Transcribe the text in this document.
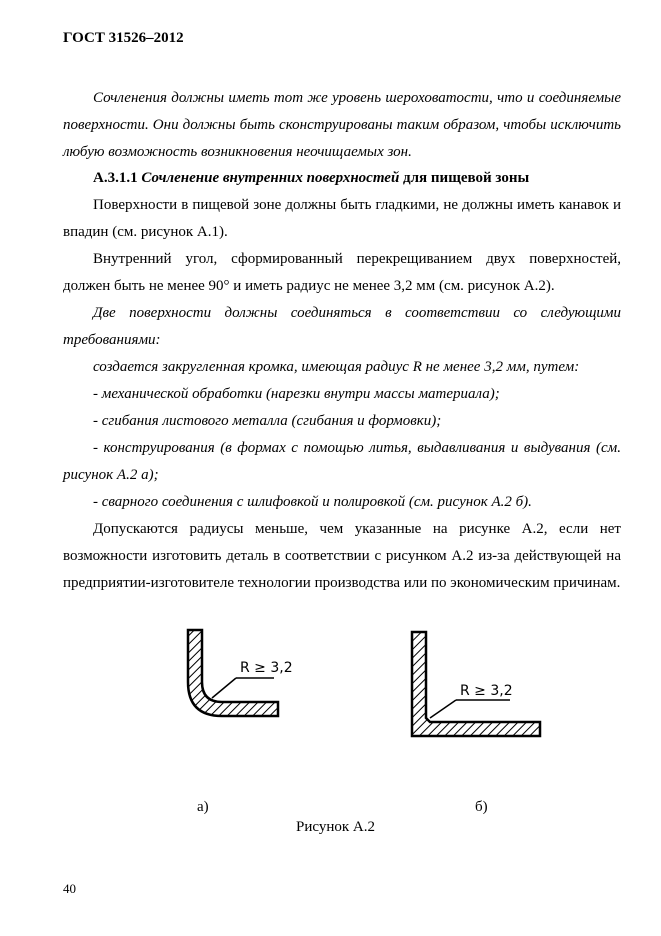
ГОСТ 31526–2012

Сочленения должны иметь тот же уровень шероховатости, что и соединяемые поверхности. Они должны быть сконструированы таким образом, чтобы исключить любую возможность возникновения неочищаемых зон.

А.3.1.1 Сочленение внутренних поверхностей для пищевой зоны

Поверхности в пищевой зоне должны быть гладкими, не должны иметь канавок и впадин (см. рисунок А.1).

Внутренний угол, сформированный перекрещиванием двух поверхностей, должен быть не менее 90° и иметь радиус не менее 3,2 мм (см. рисунок А.2).

Две поверхности должны соединяться в соответствии со следующими требованиями:

создается закругленная кромка, имеющая радиус R не менее 3,2 мм, путем:

- механической обработки (нарезки внутри массы материала);

- сгибания листового металла (сгибания и формовки);

- конструирования (в формах с помощью литья, выдавливания и выдувания (см. рисунок А.2 а);

- сварного соединения с шлифовкой и полировкой (см. рисунок А.2 б).

Допускаются радиусы меньше, чем указанные на рисунке А.2, если нет возможности изготовить деталь в соответствии с рисунком А.2 из-за действующей на предприятии-изготовителе технологии производства или по экономическим причинам.

R ≥ 3,2
R ≥ 3,2
а)	б)
Рисунок А.2
40
